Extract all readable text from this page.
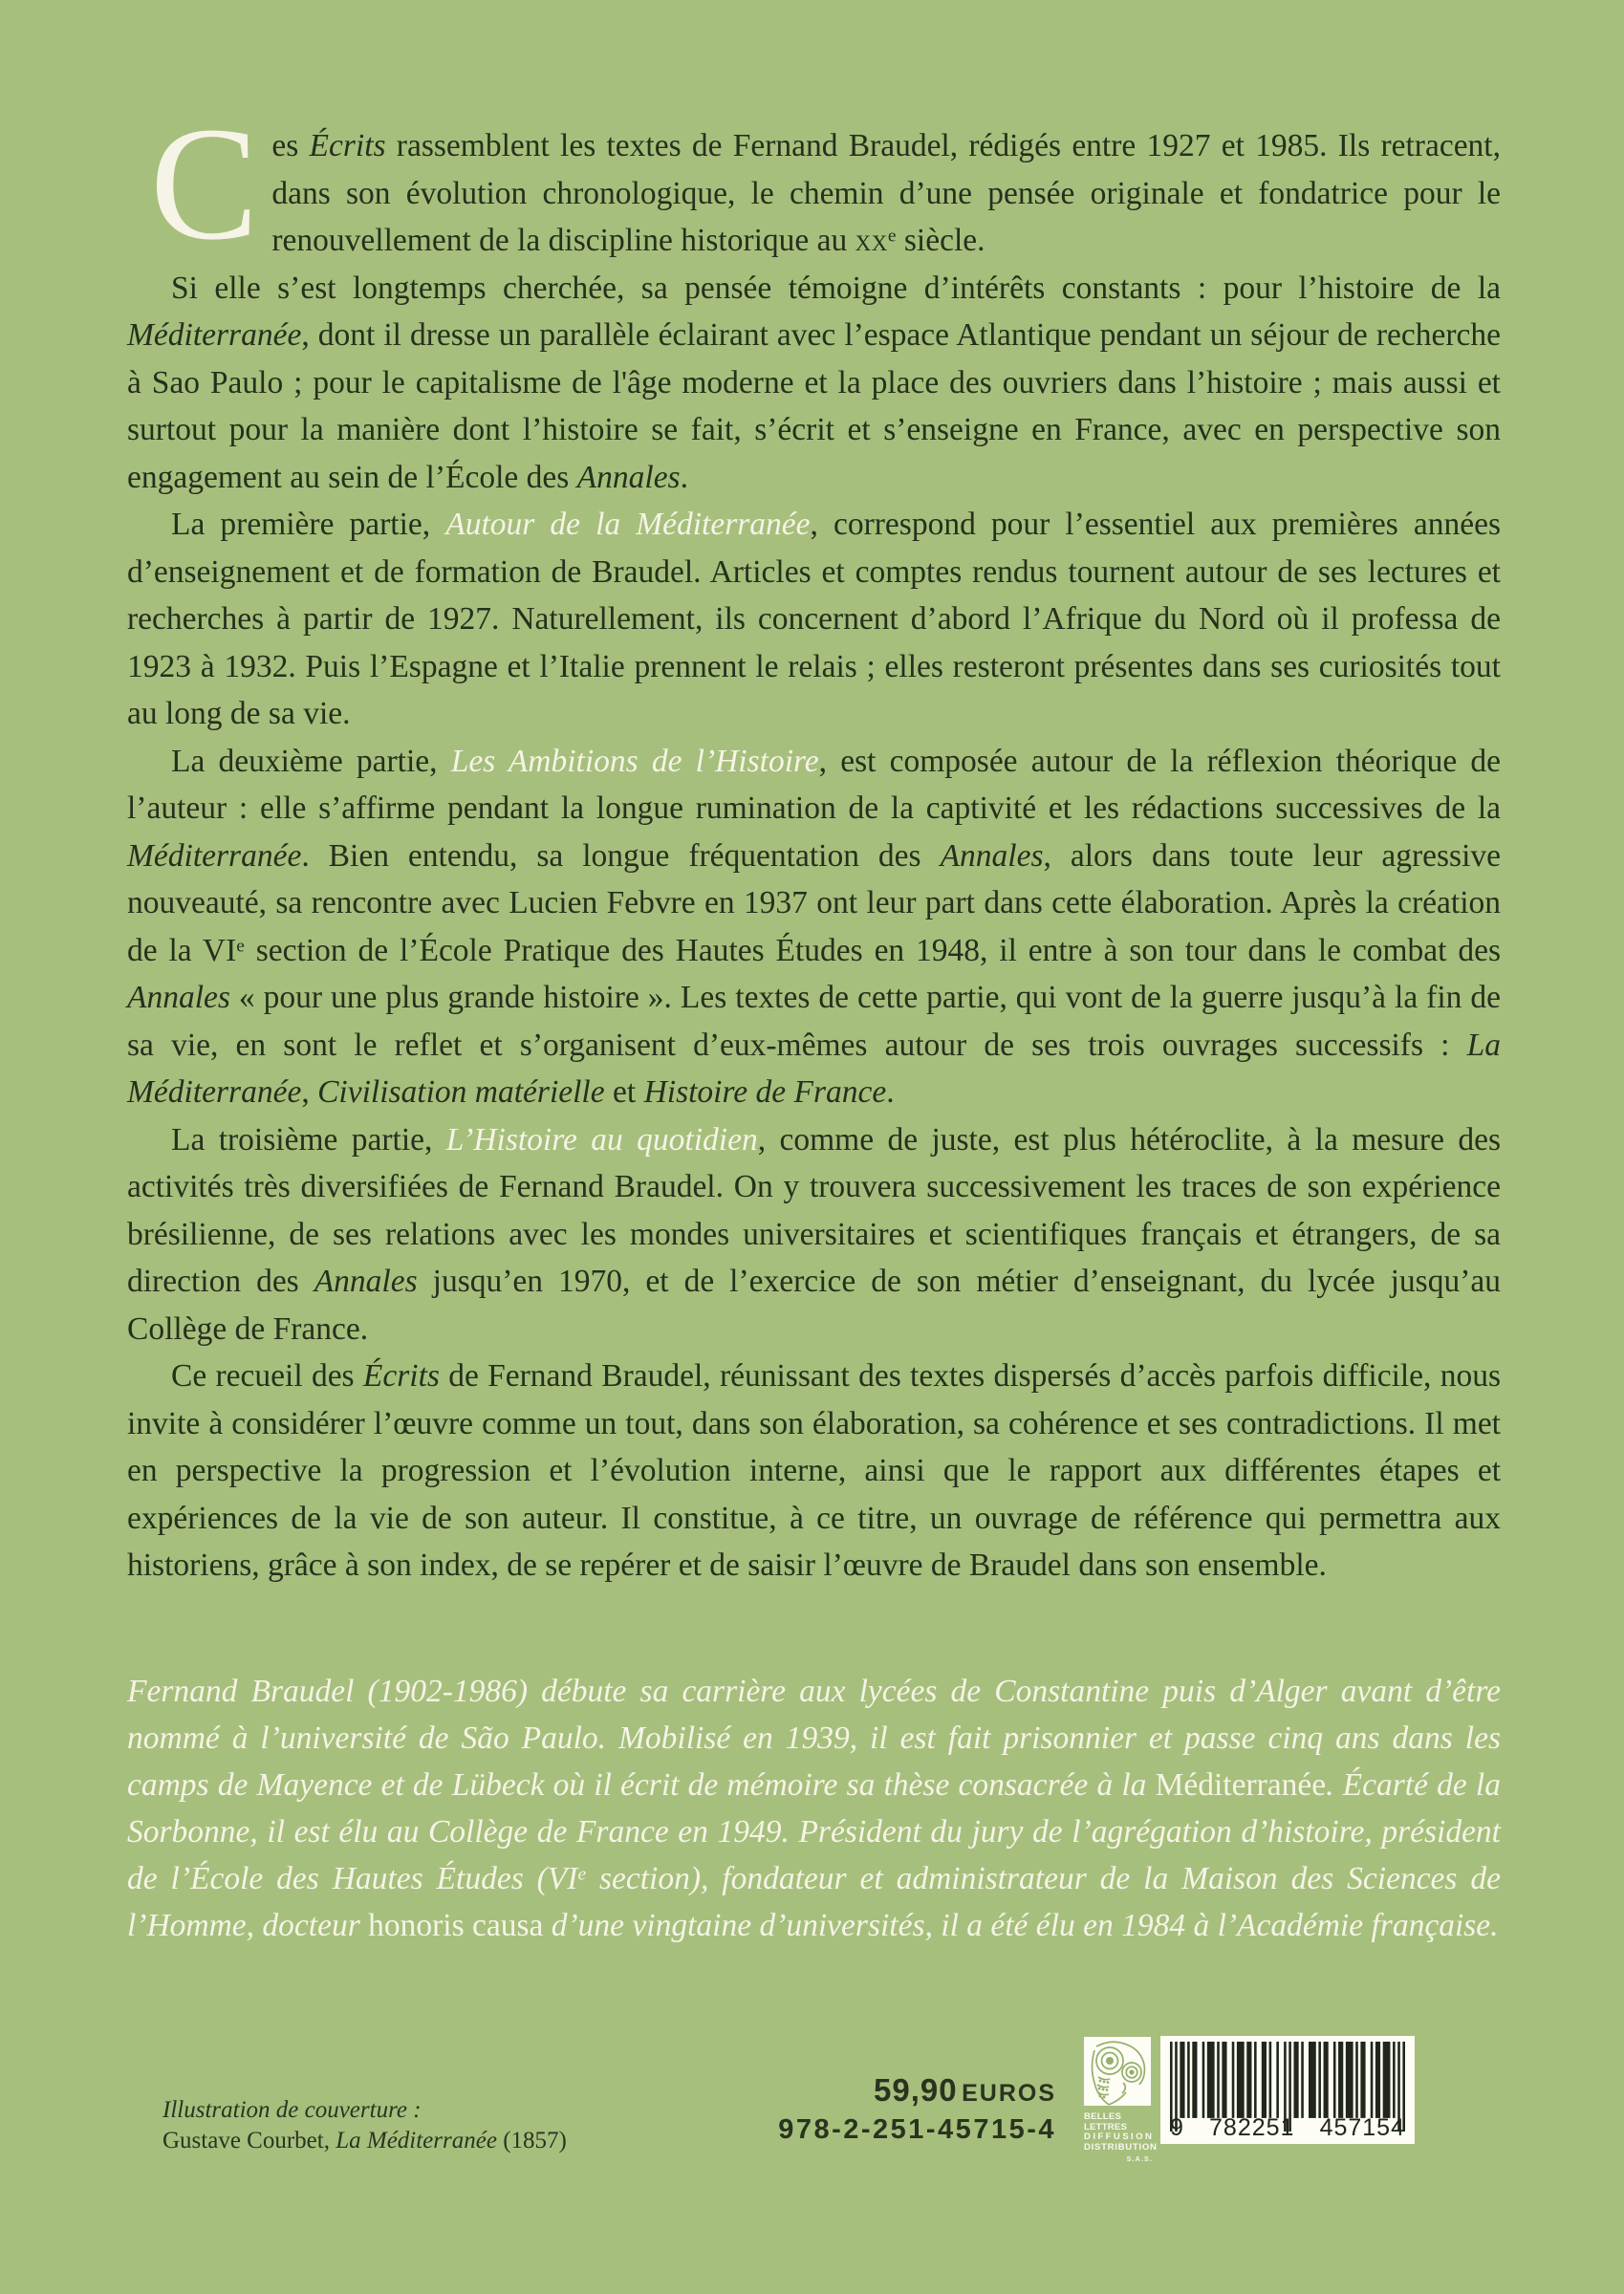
Ces Écrits rassemblent les textes de Fernand Braudel, rédigés entre 1927 et 1985. Ils retracent, dans son évolution chronologique, le chemin d’une pensée originale et fondatrice pour le renouvellement de la discipline historique au $xx^e$ siècle.

Si elle s’est longtemps cherchée, sa pensée témoigne d’intérêts constants : pour l’histoire de la Méditerranée, dont il dresse un parallèle éclairant avec l’espace Atlantique pendant un séjour de recherche à Sao Paulo ; pour le capitalisme de l'âge moderne et la place des ouvriers dans l’histoire ; mais aussi et surtout pour la manière dont l’histoire se fait, s’écrit et s’enseigne en France, avec en perspective son engagement au sein de l’École des Annales.

La première partie, Autour de la Méditerranée, correspond pour l’essentiel aux premières années d’enseignement et de formation de Braudel. Articles et comptes rendus tournent autour de ses lectures et recherches à partir de 1927. Naturellement, ils concernent d’abord l’Afrique du Nord où il professa de 1923 à 1932. Puis l’Espagne et l’Italie prennent le relais ; elles resteront présentes dans ses curiosités tout au long de sa vie.

La deuxième partie, Les Ambitions de l’Histoire, est composée autour de la réflexion théorique de l’auteur : elle s’affirme pendant la longue rumination de la captivité et les rédactions successives de la Méditerranée. Bien entendu, sa longue fréquentation des Annales, alors dans toute leur agressive nouveauté, sa rencontre avec Lucien Febvre en 1937 ont leur part dans cette élaboration. Après la création de la VIe section de l’École Pratique des Hautes Études en 1948, il entre à son tour dans le combat des Annales « pour une plus grande histoire ». Les textes de cette partie, qui vont de la guerre jusqu’à la fin de sa vie, en sont le reflet et s’organisent d’eux-mêmes autour de ses trois ouvrages successifs : La Méditerranée, Civilisation matérielle et Histoire de France.

La troisième partie, L’Histoire au quotidien, comme de juste, est plus hétéroclite, à la mesure des activités très diversifiées de Fernand Braudel. On y trouvera successivement les traces de son expérience brésilienne, de ses relations avec les mondes universitaires et scientifiques français et étrangers, de sa direction des Annales jusqu’en 1970, et de l’exercice de son métier d’enseignant, du lycée jusqu’au Collège de France.

Ce recueil des Écrits de Fernand Braudel, réunissant des textes dispersés d’accès parfois difficile, nous invite à considérer l’œuvre comme un tout, dans son élaboration, sa cohérence et ses contradictions. Il met en perspective la progression et l’évolution interne, ainsi que le rapport aux différentes étapes et expériences de la vie de son auteur. Il constitue, à ce titre, un ouvrage de référence qui permettra aux historiens, grâce à son index, de se repérer et de saisir l’œuvre de Braudel dans son ensemble.

Fernand Braudel (1902-1986) débute sa carrière aux lycées de Constantine puis d’Alger avant d’être nommé à l’université de São Paulo. Mobilisé en 1939, il est fait prisonnier et passe cinq ans dans les camps de Mayence et de Lübeck où il écrit de mémoire sa thèse consacrée à la Méditerranée. Écarté de la Sorbonne, il est élu au Collège de France en 1949. Président du jury de l’agrégation d’histoire, président de l’École des Hautes Études (VIe section), fondateur et administrateur de la Maison des Sciences de l’Homme, docteur honoris causa d’une vingtaine d’universités, il a été élu en 1984 à l’Académie française.
Illustration de couverture :
Gustave Courbet, La Méditerranée (1857)
59,90 EUROS
978-2-251-45715-4	BELLES LETTRES
DIFFUSION
DISTRIBUTION
S.A.S.
9 782251 457154
